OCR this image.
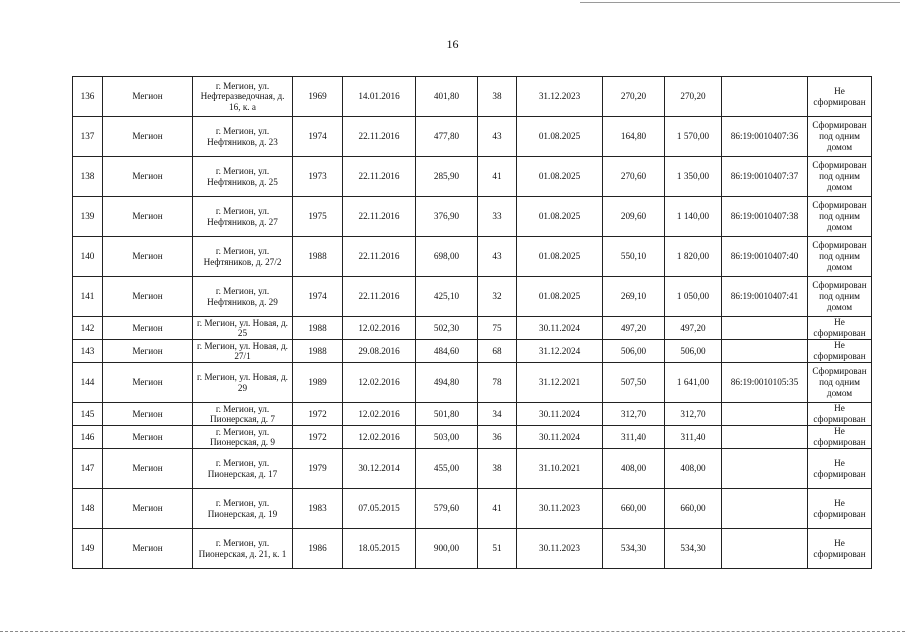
16
136	Мегион	г. Мегион, ул. Нефтеразведочная, д. 16, к. а	1969	14.01.2016	401,80	38	31.12.2023	270,20	270,20		Не сформирован
137	Мегион	г. Мегион, ул. Нефтяников, д. 23	1974	22.11.2016	477,80	43	01.08.2025	164,80	1 570,00	86:19:0010407:36	Сформирован под одним домом
138	Мегион	г. Мегион, ул. Нефтяников, д. 25	1973	22.11.2016	285,90	41	01.08.2025	270,60	1 350,00	86:19:0010407:37	Сформирован под одним домом
139	Мегион	г. Мегион, ул. Нефтяников, д. 27	1975	22.11.2016	376,90	33	01.08.2025	209,60	1 140,00	86:19:0010407:38	Сформирован под одним домом
140	Мегион	г. Мегион, ул. Нефтяников, д. 27/2	1988	22.11.2016	698,00	43	01.08.2025	550,10	1 820,00	86:19:0010407:40	Сформирован под одним домом
141	Мегион	г. Мегион, ул. Нефтяников, д. 29	1974	22.11.2016	425,10	32	01.08.2025	269,10	1 050,00	86:19:0010407:41	Сформирован под одним домом
142	Мегион	г. Мегион, ул. Новая, д. 25	1988	12.02.2016	502,30	75	30.11.2024	497,20	497,20		Не сформирован
143	Мегион	г. Мегион, ул. Новая, д. 27/1	1988	29.08.2016	484,60	68	31.12.2024	506,00	506,00		Не сформирован
144	Мегион	г. Мегион, ул. Новая, д. 29	1989	12.02.2016	494,80	78	31.12.2021	507,50	1 641,00	86:19:0010105:35	Сформирован под одним домом
145	Мегион	г. Мегион, ул. Пионерская, д. 7	1972	12.02.2016	501,80	34	30.11.2024	312,70	312,70		Не сформирован
146	Мегион	г. Мегион, ул. Пионерская, д. 9	1972	12.02.2016	503,00	36	30.11.2024	311,40	311,40		Не сформирован
147	Мегион	г. Мегион, ул. Пионерская, д. 17	1979	30.12.2014	455,00	38	31.10.2021	408,00	408,00		Не сформирован
148	Мегион	г. Мегион, ул. Пионерская, д. 19	1983	07.05.2015	579,60	41	30.11.2023	660,00	660,00		Не сформирован
149	Мегион	г. Мегион, ул. Пионерская, д. 21, к. 1	1986	18.05.2015	900,00	51	30.11.2023	534,30	534,30		Не сформирован
